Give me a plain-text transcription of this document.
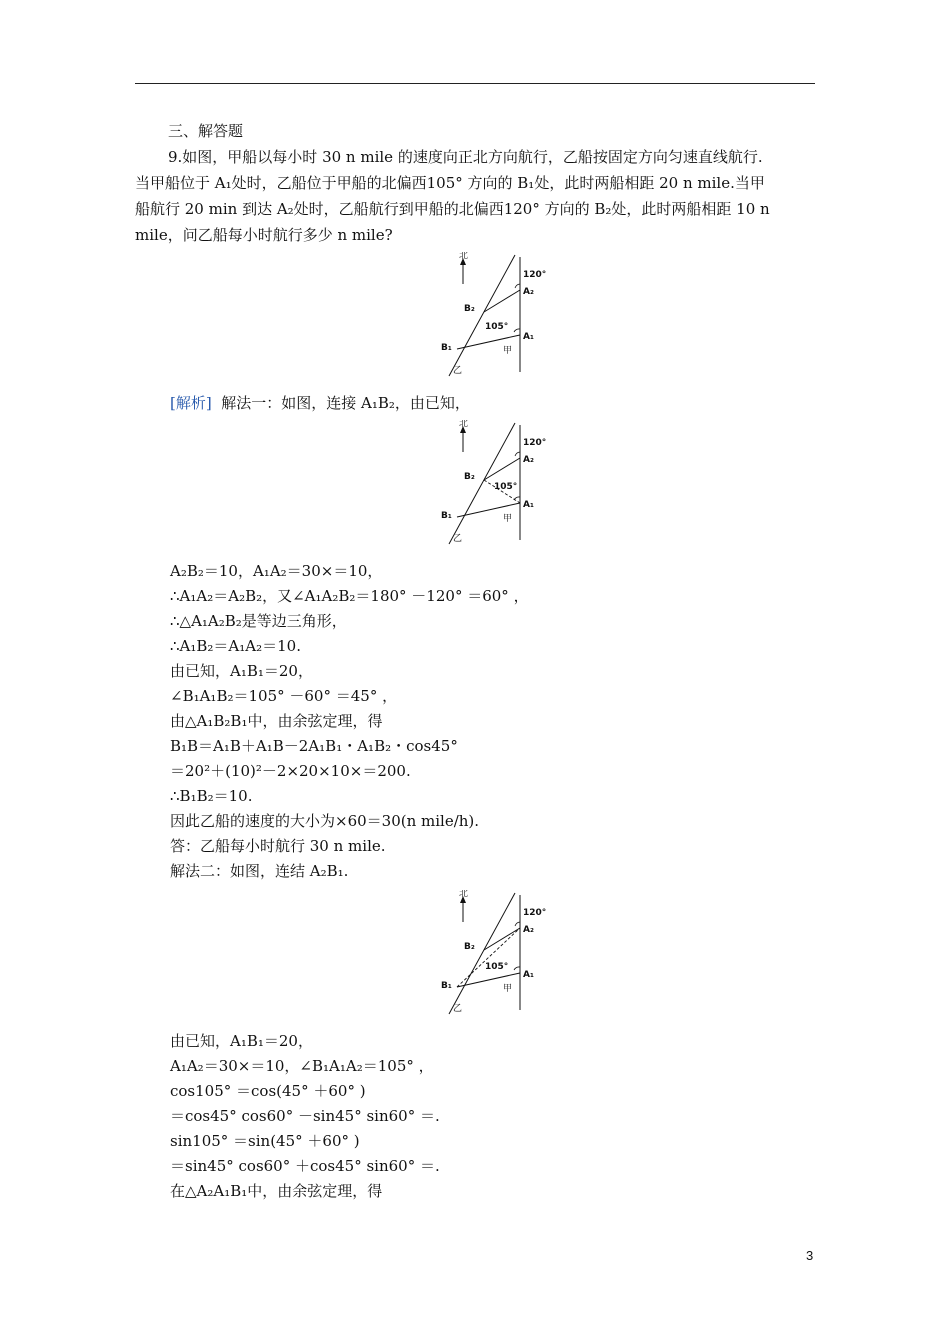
三、解答题
9.如图，甲船以每小时 30 n mile 的速度向正北方向航行，乙船按固定方向匀速直线航行.
当甲船位于 A₁处时，乙船位于甲船的北偏西105° 方向的 B₁处，此时两船相距 20 n mile.当甲
船航行 20 min 到达 A₂处时，乙船航行到甲船的北偏西120° 方向的 B₂处，此时两船相距 10 n
mile，问乙船每小时航行多少 n mile?
北
120°
A₂
B₂
105°
A₁
B₁	甲
乙
[解析] 解法一：如图，连接 A₁B₂，由已知，
北
120°
A₂
B₂
105°
A₁
B₁	甲
乙
A₂B₂＝10，A₁A₂＝30×＝10，
∴A₁A₂＝A₂B₂，又∠A₁A₂B₂＝180° －120° ＝60° ，
∴△A₁A₂B₂是等边三角形，
∴A₁B₂＝A₁A₂＝10.
由已知，A₁B₁＝20，
∠B₁A₁B₂＝105° －60° ＝45° ，
由△A₁B₂B₁中，由余弦定理，得
B₁B＝A₁B＋A₁B－2A₁B₁・A₁B₂・cos45°
＝20²＋(10)²－2×20×10×＝200.
∴B₁B₂＝10.
因此乙船的速度的大小为×60＝30(n mile/h).
答：乙船每小时航行 30 n mile.
解法二：如图，连结 A₂B₁.
北
120°
A₂
B₂
105°
A₁
B₁	甲
乙
由已知，A₁B₁＝20，
A₁A₂＝30×＝10，∠B₁A₁A₂＝105° ，
cos105° ＝cos(45° ＋60° )
＝cos45° cos60° －sin45° sin60° ＝.
sin105° ＝sin(45° ＋60° )
＝sin45° cos60° ＋cos45° sin60° ＝.
在△A₂A₁B₁中，由余弦定理，得
3
